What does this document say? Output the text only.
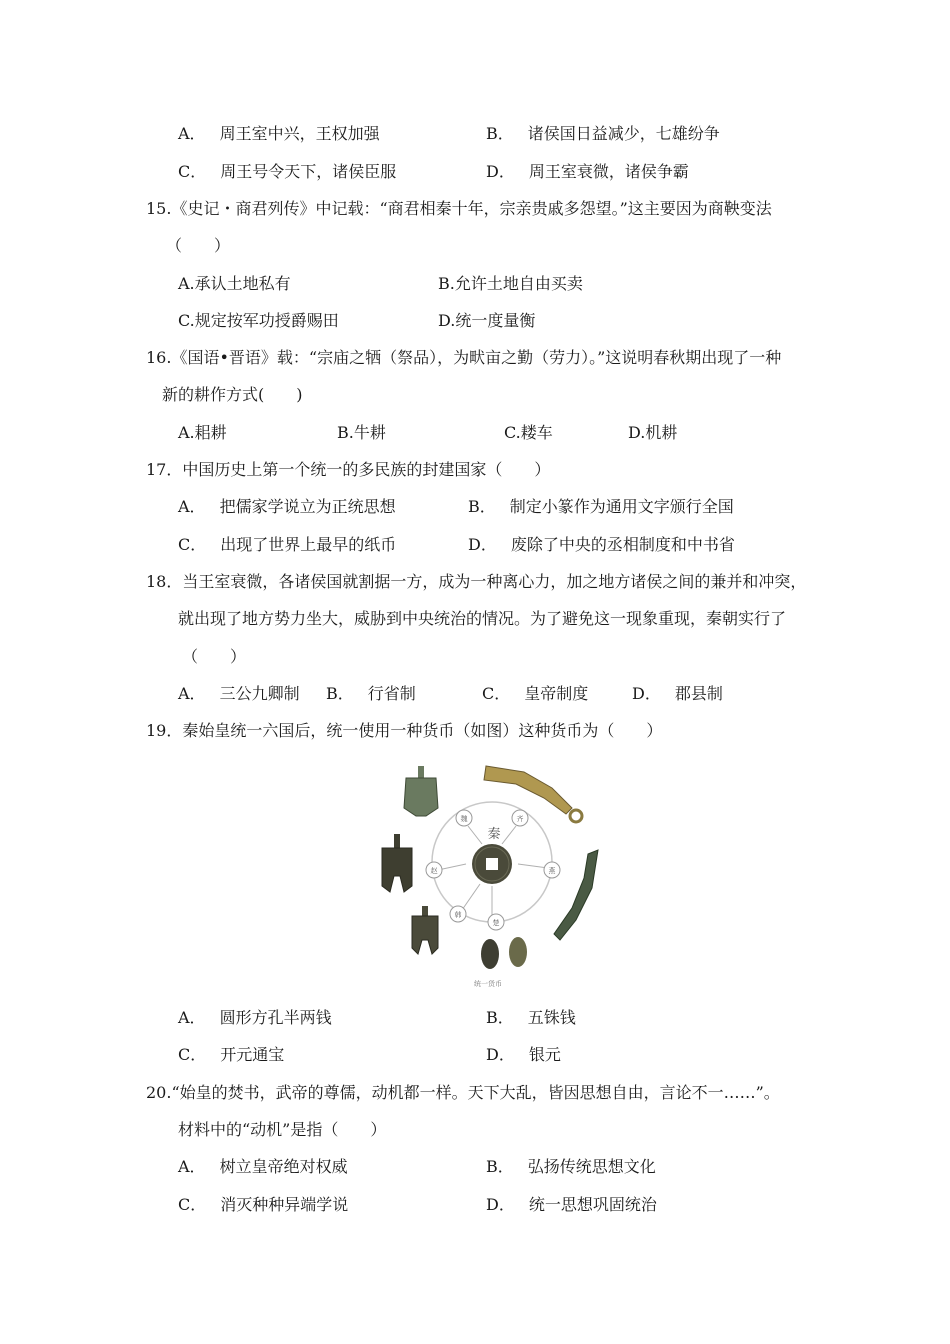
A． 周王室中兴，王权加强	B． 诸侯国日益减少，七雄纷争
C． 周王号令天下，诸侯臣服	D． 周王室衰微，诸侯争霸
15.《史记・商君列传》中记载：“商君相秦十年，宗亲贵戚多怨望。”这主要因为商鞅变法
（　　）
A.承认土地私有	B.允许土地自由买卖
C.规定按军功授爵赐田	D.统一度量衡
16.《国语•晋语》载：“宗庙之牺（祭品），为畎亩之勤（劳力）。”这说明春秋期出现了一种
新的耕作方式(　　)
A.耜耕	B.牛耕	C.耧车	D.机耕
17．中国历史上第一个统一的多民族的封建国家（　　）
A． 把儒家学说立为正统思想	B． 制定小篆作为通用文字颁行全国
C． 出现了世界上最早的纸币	D． 废除了中央的丞相制度和中书省
18．当王室衰微，各诸侯国就割据一方，成为一种离心力，加之地方诸侯之间的兼并和冲突，
就出现了地方势力坐大，威胁到中央统治的情况。为了避免这一现象重现，秦朝实行了
（　　）
A． 三公九卿制 B． 行省制	C． 皇帝制度	D． 郡县制
19．秦始皇统一六国后，统一使用一种货币（如图）这种货币为（　　）
魏	齐
燕
楚
韩
赵
秦
统一货币
A． 圆形方孔半两钱	B． 五铢钱
C． 开元通宝	D． 银元
20.“始皇的焚书，武帝的尊儒，动机都一样。天下大乱，皆因思想自由，言论不一……”。
材料中的“动机”是指（　　）
A． 树立皇帝绝对权威	B． 弘扬传统思想文化
C． 消灭种种异端学说	D． 统一思想巩固统治
